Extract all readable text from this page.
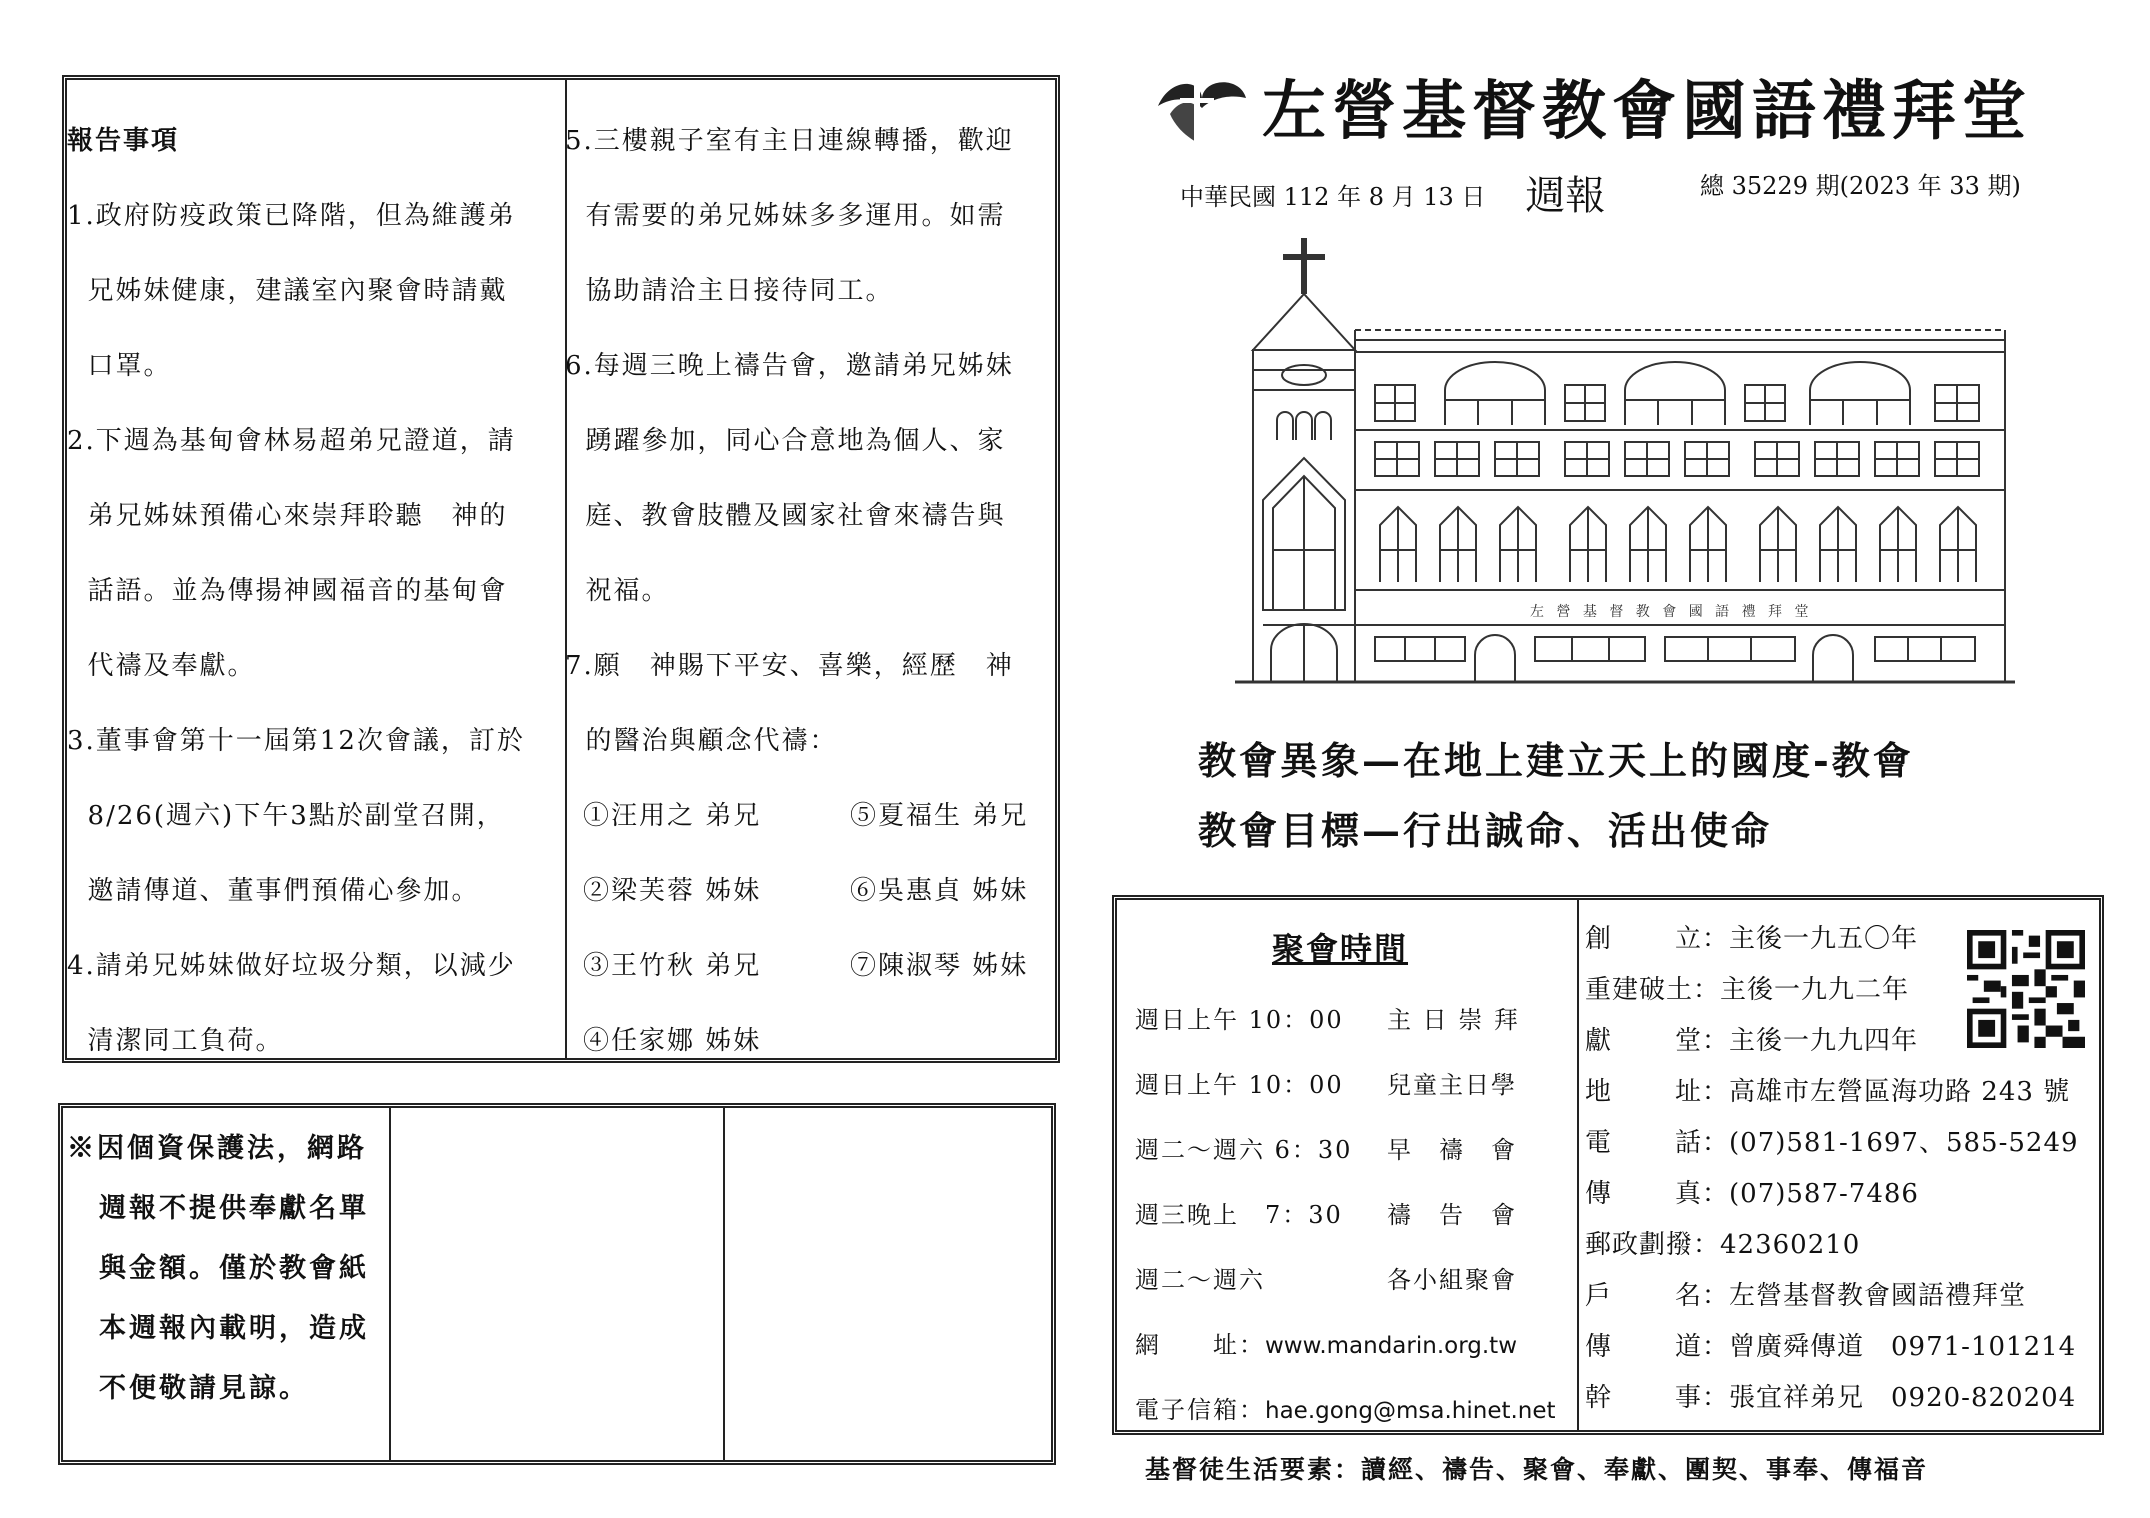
報告事項
1.政府防疫政策已降階，但為維護弟
兄姊妹健康，建議室內聚會時請戴
口罩。
2.下週為基甸會林易超弟兄證道，請
弟兄姊妹預備心來崇拜聆聽　神的
話語。並為傳揚神國福音的基甸會
代禱及奉獻。
3.董事會第十一屆第12次會議，訂於
8/26(週六)下午3點於副堂召開，
邀請傳道、董事們預備心參加。
4.請弟兄姊妹做好垃圾分類，以減少
清潔同工負荷。
5.三樓親子室有主日連線轉播，歡迎
有需要的弟兄姊妹多多運用。如需
協助請洽主日接待同工。
6.每週三晚上禱告會，邀請弟兄姊妹
踴躍參加，同心合意地為個人、家
庭、教會肢體及國家社會來禱告與
祝福。
7.願　神賜下平安、喜樂，經歷　神
的醫治與顧念代禱：
①汪用之 弟兄	⑤夏福生 弟兄
②梁芙蓉 姊妹	⑥吳惠貞 姊妹
③王竹秋 弟兄	⑦陳淑琴 姊妹
④任家娜 姊妹
※因個資保護法，網路
週報不提供奉獻名單
與金額。僅於教會紙
本週報內載明，造成
不便敬請見諒。
左營基督教會國語禮拜堂
中華民國 112 年 8 月 13 日 週報	總 35229 期(2023 年 33 期)
左 營 基 督 教 會 國 語 禮 拜 堂
教會異象—在地上建立天上的國度-教會
教會目標—行出誠命、活出使命
聚會時間
週日上午 10：00 主 日 崇 拜
週日上午 10：00 兒童主日學
週二～週六 6：30 早　禱　會
週三晚上　7：30 禱　告　會
週二～週六	各小組聚會
網　　址：www.mandarin.org.tw
電子信箱：hae.gong@msa.hinet.net
創 立：主後一九五〇年
重建破土：主後一九九二年
獻 堂：主後一九九四年
地 址：高雄市左營區海功路 243 號
電 話：(07)581-1697、585-5249
傳 真：(07)587-7486
郵政劃撥：42360210
戶 名：左營基督教會國語禮拜堂
傳 道：曾廣舜傳道　0971-101214
幹 事：張宜祥弟兄　0920-820204
基督徒生活要素：讀經、禱告、聚會、奉獻、團契、事奉、傳福音
